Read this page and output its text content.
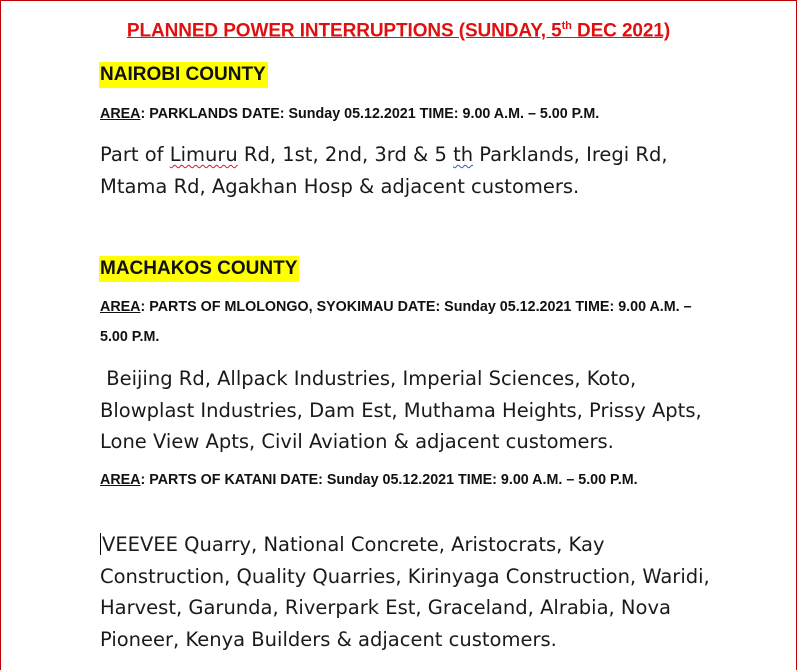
PLANNED POWER INTERRUPTIONS (SUNDAY, 5th DEC 2021)
NAIROBI COUNTY
AREA: PARKLANDS DATE: Sunday 05.12.2021 TIME: 9.00 A.M. – 5.00 P.M.
Part of Limuru Rd, 1st, 2nd, 3rd & 5 th Parklands, Iregi Rd, Mtama Rd, Agakhan Hosp & adjacent customers.
MACHAKOS COUNTY
AREA: PARTS OF MLOLONGO, SYOKIMAU DATE: Sunday 05.12.2021 TIME: 9.00 A.M. – 5.00 P.M.
Beijing Rd, Allpack Industries, Imperial Sciences, Koto, Blowplast Industries, Dam Est, Muthama Heights, Prissy Apts, Lone View Apts, Civil Aviation & adjacent customers.
AREA: PARTS OF KATANI DATE: Sunday 05.12.2021 TIME: 9.00 A.M. – 5.00 P.M.
VEEVEE Quarry, National Concrete, Aristocrats, Kay Construction, Quality Quarries, Kirinyaga Construction, Waridi, Harvest, Garunda, Riverpark Est, Graceland, Alrabia, Nova Pioneer, Kenya Builders & adjacent customers.
